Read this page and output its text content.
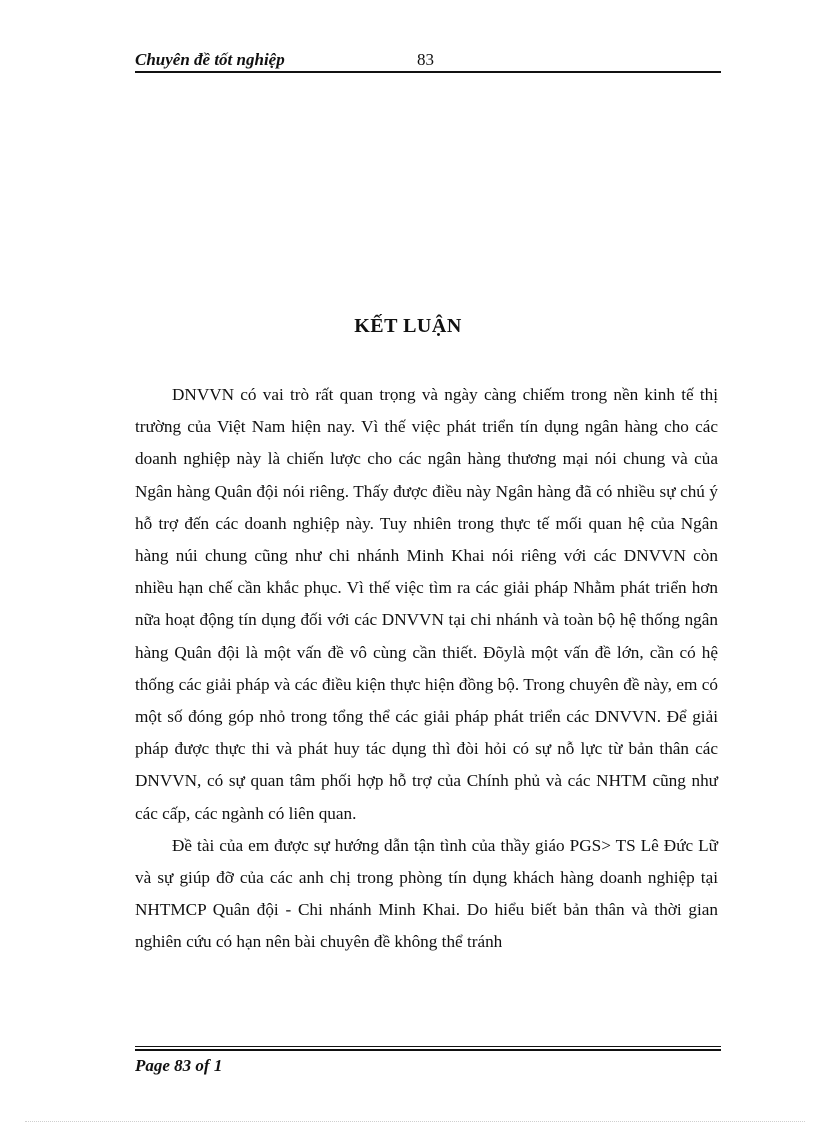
Chuyên đề tốt nghiệp	83
KẾT LUẬN

DNVVN có vai trò rất quan trọng và ngày càng chiếm trong nền kinh tế thị trường của Việt Nam hiện nay. Vì thế việc phát triển tín dụng ngân hàng cho các doanh nghiệp này là chiến lược cho các ngân hàng thương mại nói chung và của Ngân hàng Quân đội nói riêng. Thấy được điều này Ngân hàng đã có nhiều sự chú ý hỗ trợ đến các doanh nghiệp này. Tuy nhiên trong thực tế mối quan hệ của Ngân hàng núi chung cũng như chi nhánh Minh Khai nói riêng với các DNVVN còn nhiều hạn chế cần khắc phục. Vì thế việc tìm ra các giải pháp Nhằm phát triển hơn nữa hoạt động tín dụng đối với các DNVVN tại chi nhánh và toàn bộ hệ thống ngân hàng Quân đội là một vấn đề vô cùng cần thiết. Đõylà một vấn đề lớn, cần có hệ thống các giải pháp và các điều kiện thực hiện đồng bộ. Trong chuyên đề này, em có một số đóng góp nhỏ trong tổng thể các giải pháp phát triển các DNVVN. Để giải pháp được thực thi và phát huy tác dụng thì đòi hỏi có sự nỗ lực từ bản thân các DNVVN, có sự quan tâm phối hợp hỗ trợ của Chính phủ và các NHTM cũng như các cấp, các ngành có liên quan.

Đề tài của em được sự hướng dẫn tận tình của thầy giáo PGS> TS Lê Đức Lữ và sự giúp đỡ của các anh chị trong phòng tín dụng khách hàng doanh nghiệp tại NHTMCP Quân đội - Chi nhánh Minh Khai. Do hiểu biết bản thân và thời gian nghiên cứu có hạn nên bài chuyên đề không thể tránh

Page 83 of 1
